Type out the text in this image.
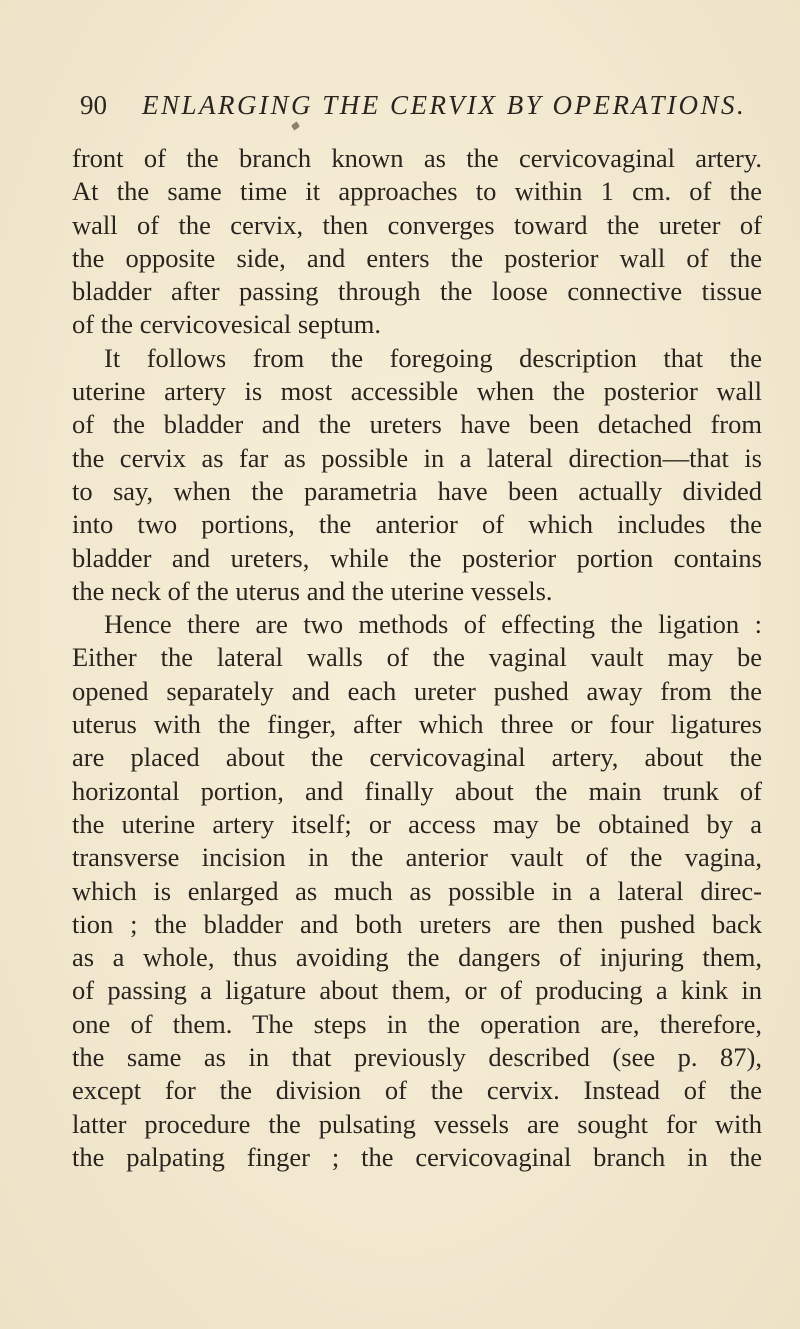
90 ENLARGING THE CERVIX BY OPERATIONS.
front of the branch known as the cervicovaginal artery.
At the same time it approaches to within 1 cm. of the
wall of the cervix, then converges toward the ureter of
the opposite side, and enters the posterior wall of the
bladder after passing through the loose connective tissue
of the cervicovesical septum.
It follows from the foregoing description that the
uterine artery is most accessible when the posterior wall
of the bladder and the ureters have been detached from
the cervix as far as possible in a lateral direction—that is
to say, when the parametria have been actually divided
into two portions, the anterior of which includes the
bladder and ureters, while the posterior portion contains
the neck of the uterus and the uterine vessels.
Hence there are two methods of effecting the ligation :
Either the lateral walls of the vaginal vault may be
opened separately and each ureter pushed away from the
uterus with the finger, after which three or four ligatures
are placed about the cervicovaginal artery, about the
horizontal portion, and finally about the main trunk of
the uterine artery itself; or access may be obtained by a
transverse incision in the anterior vault of the vagina,
which is enlarged as much as possible in a lateral direc-
tion ; the bladder and both ureters are then pushed back
as a whole, thus avoiding the dangers of injuring them,
of passing a ligature about them, or of producing a kink in
one of them. The steps in the operation are, therefore,
the same as in that previously described (see p. 87),
except for the division of the cervix. Instead of the
latter procedure the pulsating vessels are sought for with
the palpating finger ; the cervicovaginal branch in the
